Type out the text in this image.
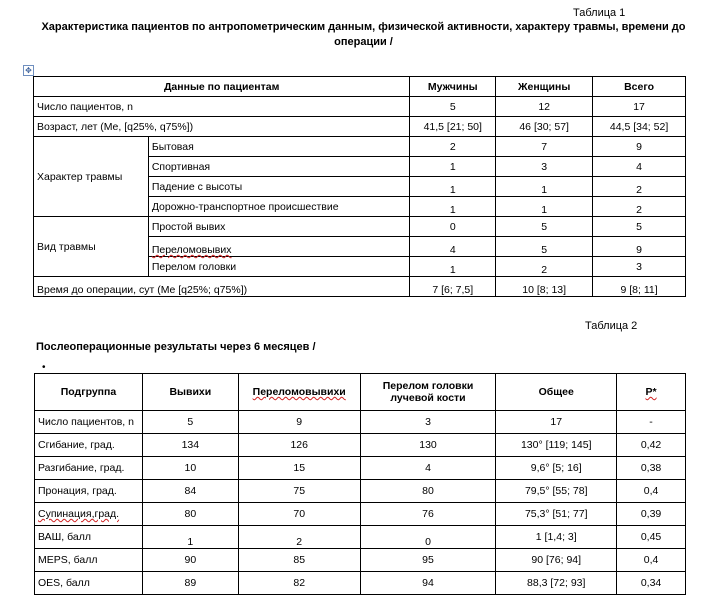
Таблица 1
Характеристика пациентов по антропометрическим данным, физической активности, характеру травмы, времени до операции /
✥
Данные по пациентам		Мужчины	Женщины	Всего
Число пациентов, n		5	12	17
Возраст, лет (Me, [q25%, q75%])		41,5 [21; 50]	46 [30; 57]	44,5 [34; 52]
Характер травмы	Бытовая	2	7	9
	Спортивная	1	3	4
	Падение с высоты	1	1	2
	Дорожно-транспортное происшествие	1	1	2
Вид травмы	Простой вывих	0	5	5
	Переломовывих	4	5	9
	Перелом головки	1	2	3
Время до операции, сут (Me [q25%; q75%])		7 [6; 7,5]	10 [8; 13]	9 [8; 11]
Таблица 2
Послеоперационные результаты через 6 месяцев /
•
Подгруппа	Вывихи	Переломовывихи	Перелом головки лучевой кости	Общее	P*
Число пациентов, n	5	9	3	17	-
Сгибание, град.	134	126	130	130° [119; 145]	0,42
Разгибание, град.	10	15	4	9,6° [5; 16]	0,38
Пронация, град.	84	75	80	79,5° [55; 78]	0,4
Супинация,град.	80	70	76	75,3° [51; 77]	0,39
ВАШ, балл	1	2	0	1 [1,4; 3]	0,45
MEPS, балл	90	85	95	90 [76; 94]	0,4
OES, балл	89	82	94	88,3 [72; 93]	0,34
